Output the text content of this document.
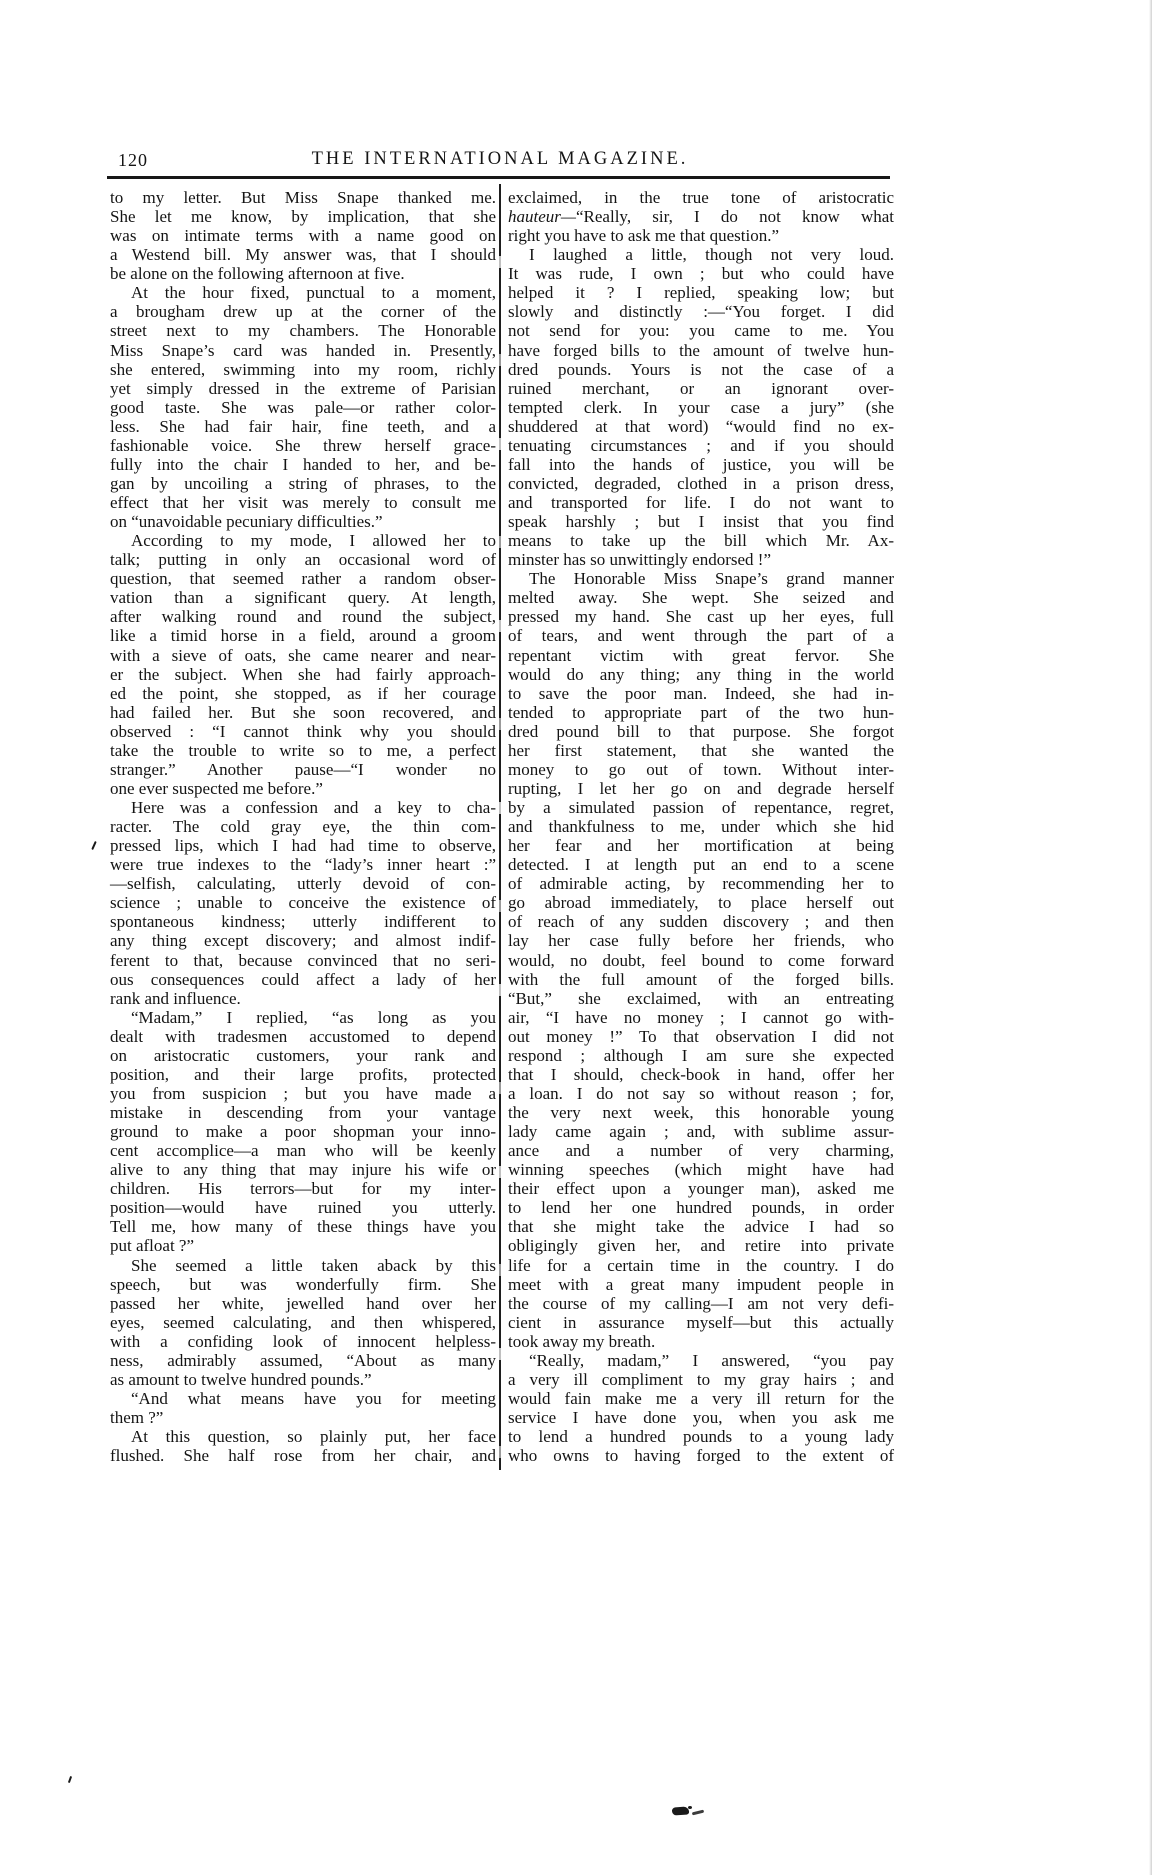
120	THE INTERNATIONAL MAGAZINE.
to my letter. But Miss Snape thanked me.
She let me know, by implication, that she
was on intimate terms with a name good on
a Westend bill. My answer was, that I should
be alone on the following afternoon at five.
At the hour fixed, punctual to a moment,
a brougham drew up at the corner of the
street next to my chambers. The Honorable
Miss Snape’s card was handed in. Presently,
she entered, swimming into my room, richly
yet simply dressed in the extreme of Parisian
good taste. She was pale—or rather color-
less. She had fair hair, fine teeth, and a
fashionable voice. She threw herself grace-
fully into the chair I handed to her, and be-
gan by uncoiling a string of phrases, to the
effect that her visit was merely to consult me
on “unavoidable pecuniary difficulties.”
According to my mode, I allowed her to
talk; putting in only an occasional word of
question, that seemed rather a random obser-
vation than a significant query. At length,
after walking round and round the subject,
like a timid horse in a field, around a groom
with a sieve of oats, she came nearer and near-
er the subject. When she had fairly approach-
ed the point, she stopped, as if her courage
had failed her. But she soon recovered, and
observed : “I cannot think why you should
take the trouble to write so to me, a perfect
stranger.” Another pause—“I wonder no
one ever suspected me before.”
Here was a confession and a key to cha-
racter. The cold gray eye, the thin com-
pressed lips, which I had had time to observe,
were true indexes to the “lady’s inner heart :”
—selfish, calculating, utterly devoid of con-
science ; unable to conceive the existence of
spontaneous kindness; utterly indifferent to
any thing except discovery; and almost indif-
ferent to that, because convinced that no seri-
ous consequences could affect a lady of her
rank and influence.
“Madam,” I replied, “as long as you
dealt with tradesmen accustomed to depend
on aristocratic customers, your rank and
position, and their large profits, protected
you from suspicion ; but you have made a
mistake in descending from your vantage
ground to make a poor shopman your inno-
cent accomplice—a man who will be keenly
alive to any thing that may injure his wife or
children. His terrors—but for my inter-
position—would have ruined you utterly.
Tell me, how many of these things have you
put afloat ?”
She seemed a little taken aback by this
speech, but was wonderfully firm. She
passed her white, jewelled hand over her
eyes, seemed calculating, and then whispered,
with a confiding look of innocent helpless-
ness, admirably assumed, “About as many
as amount to twelve hundred pounds.”
“And what means have you for meeting
them ?”
At this question, so plainly put, her face
flushed. She half rose from her chair, and
exclaimed, in the true tone of aristocratic
hauteur—“Really, sir, I do not know what
right you have to ask me that question.”
I laughed a little, though not very loud.
It was rude, I own ; but who could have
helped it ? I replied, speaking low; but
slowly and distinctly :—“You forget. I did
not send for you: you came to me. You
have forged bills to the amount of twelve hun-
dred pounds. Yours is not the case of a
ruined merchant, or an ignorant over-
tempted clerk. In your case a jury” (she
shuddered at that word) “would find no ex-
tenuating circumstances ; and if you should
fall into the hands of justice, you will be
convicted, degraded, clothed in a prison dress,
and transported for life. I do not want to
speak harshly ; but I insist that you find
means to take up the bill which Mr. Ax-
minster has so unwittingly endorsed !”
The Honorable Miss Snape’s grand manner
melted away. She wept. She seized and
pressed my hand. She cast up her eyes, full
of tears, and went through the part of a
repentant victim with great fervor. She
would do any thing; any thing in the world
to save the poor man. Indeed, she had in-
tended to appropriate part of the two hun-
dred pound bill to that purpose. She forgot
her first statement, that she wanted the
money to go out of town. Without inter-
rupting, I let her go on and degrade herself
by a simulated passion of repentance, regret,
and thankfulness to me, under which she hid
her fear and her mortification at being
detected. I at length put an end to a scene
of admirable acting, by recommending her to
go abroad immediately, to place herself out
of reach of any sudden discovery ; and then
lay her case fully before her friends, who
would, no doubt, feel bound to come forward
with the full amount of the forged bills.
“But,” she exclaimed, with an entreating
air, “I have no money ; I cannot go with-
out money !” To that observation I did not
respond ; although I am sure she expected
that I should, check-book in hand, offer her
a loan. I do not say so without reason ; for,
the very next week, this honorable young
lady came again ; and, with sublime assur-
ance and a number of very charming,
winning speeches (which might have had
their effect upon a younger man), asked me
to lend her one hundred pounds, in order
that she might take the advice I had so
obligingly given her, and retire into private
life for a certain time in the country. I do
meet with a great many impudent people in
the course of my calling—I am not very defi-
cient in assurance myself—but this actually
took away my breath.
“Really, madam,” I answered, “you pay
a very ill compliment to my gray hairs ; and
would fain make me a very ill return for the
service I have done you, when you ask me
to lend a hundred pounds to a young lady
who owns to having forged to the extent of
